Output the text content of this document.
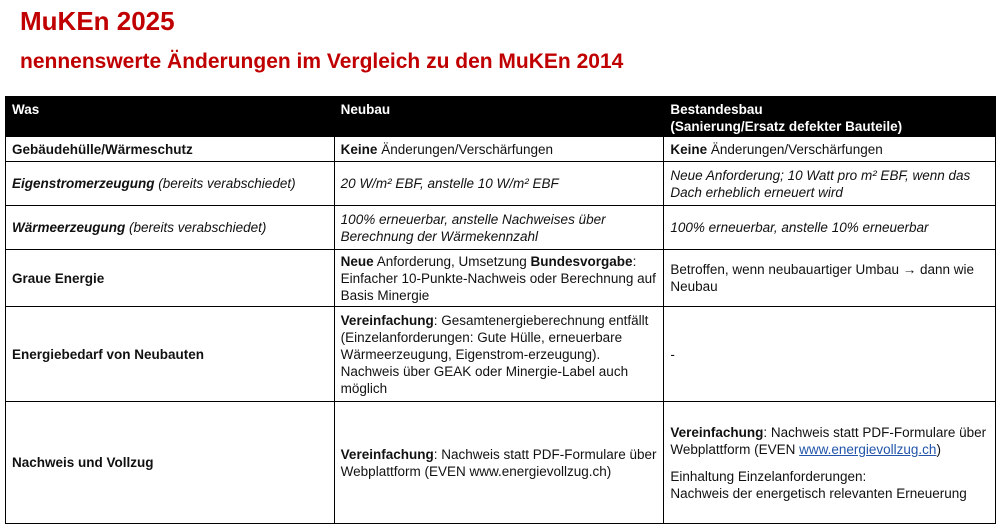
MuKEn 2025
nennenswerte Änderungen im Vergleich zu den MuKEn 2014
Was	Neubau	Bestandesbau
(Sanierung/Ersatz defekter Bauteile)
Gebäudehülle/Wärmeschutz	Keine Änderungen/Verschärfungen	Keine Änderungen/Verschärfungen
Eigenstromerzeugung (bereits verabschiedet)	20 W/m² EBF, anstelle 10 W/m² EBF	Neue Anforderung; 10 Watt pro m² EBF, wenn das Dach erheblich erneuert wird
Wärmeerzeugung (bereits verabschiedet)	100% erneuerbar, anstelle Nachweises über Berechnung der Wärmekennzahl	100% erneuerbar, anstelle 10% erneuerbar
Graue Energie	Neue Anforderung, Umsetzung Bundesvorgabe: Einfacher 10-Punkte-Nachweis oder Berechnung auf Basis Minergie	Betroffen, wenn neubauartiger Umbau → dann wie Neubau
Energiebedarf von Neubauten	Vereinfachung: Gesamtenergieberechnung entfällt (Einzelanforderungen: Gute Hülle, erneuerbare Wärmeerzeugung, Eigenstrom-erzeugung). Nachweis über GEAK oder Minergie-Label auch möglich	-
Nachweis und Vollzug	Vereinfachung: Nachweis statt PDF-Formulare über Webplattform (EVEN www.energievollzug.ch)	Vereinfachung: Nachweis statt PDF-Formulare über Webplattform (EVEN www.energievollzug.ch)

Einhaltung Einzelanforderungen:
Nachweis der energetisch relevanten Erneuerung
